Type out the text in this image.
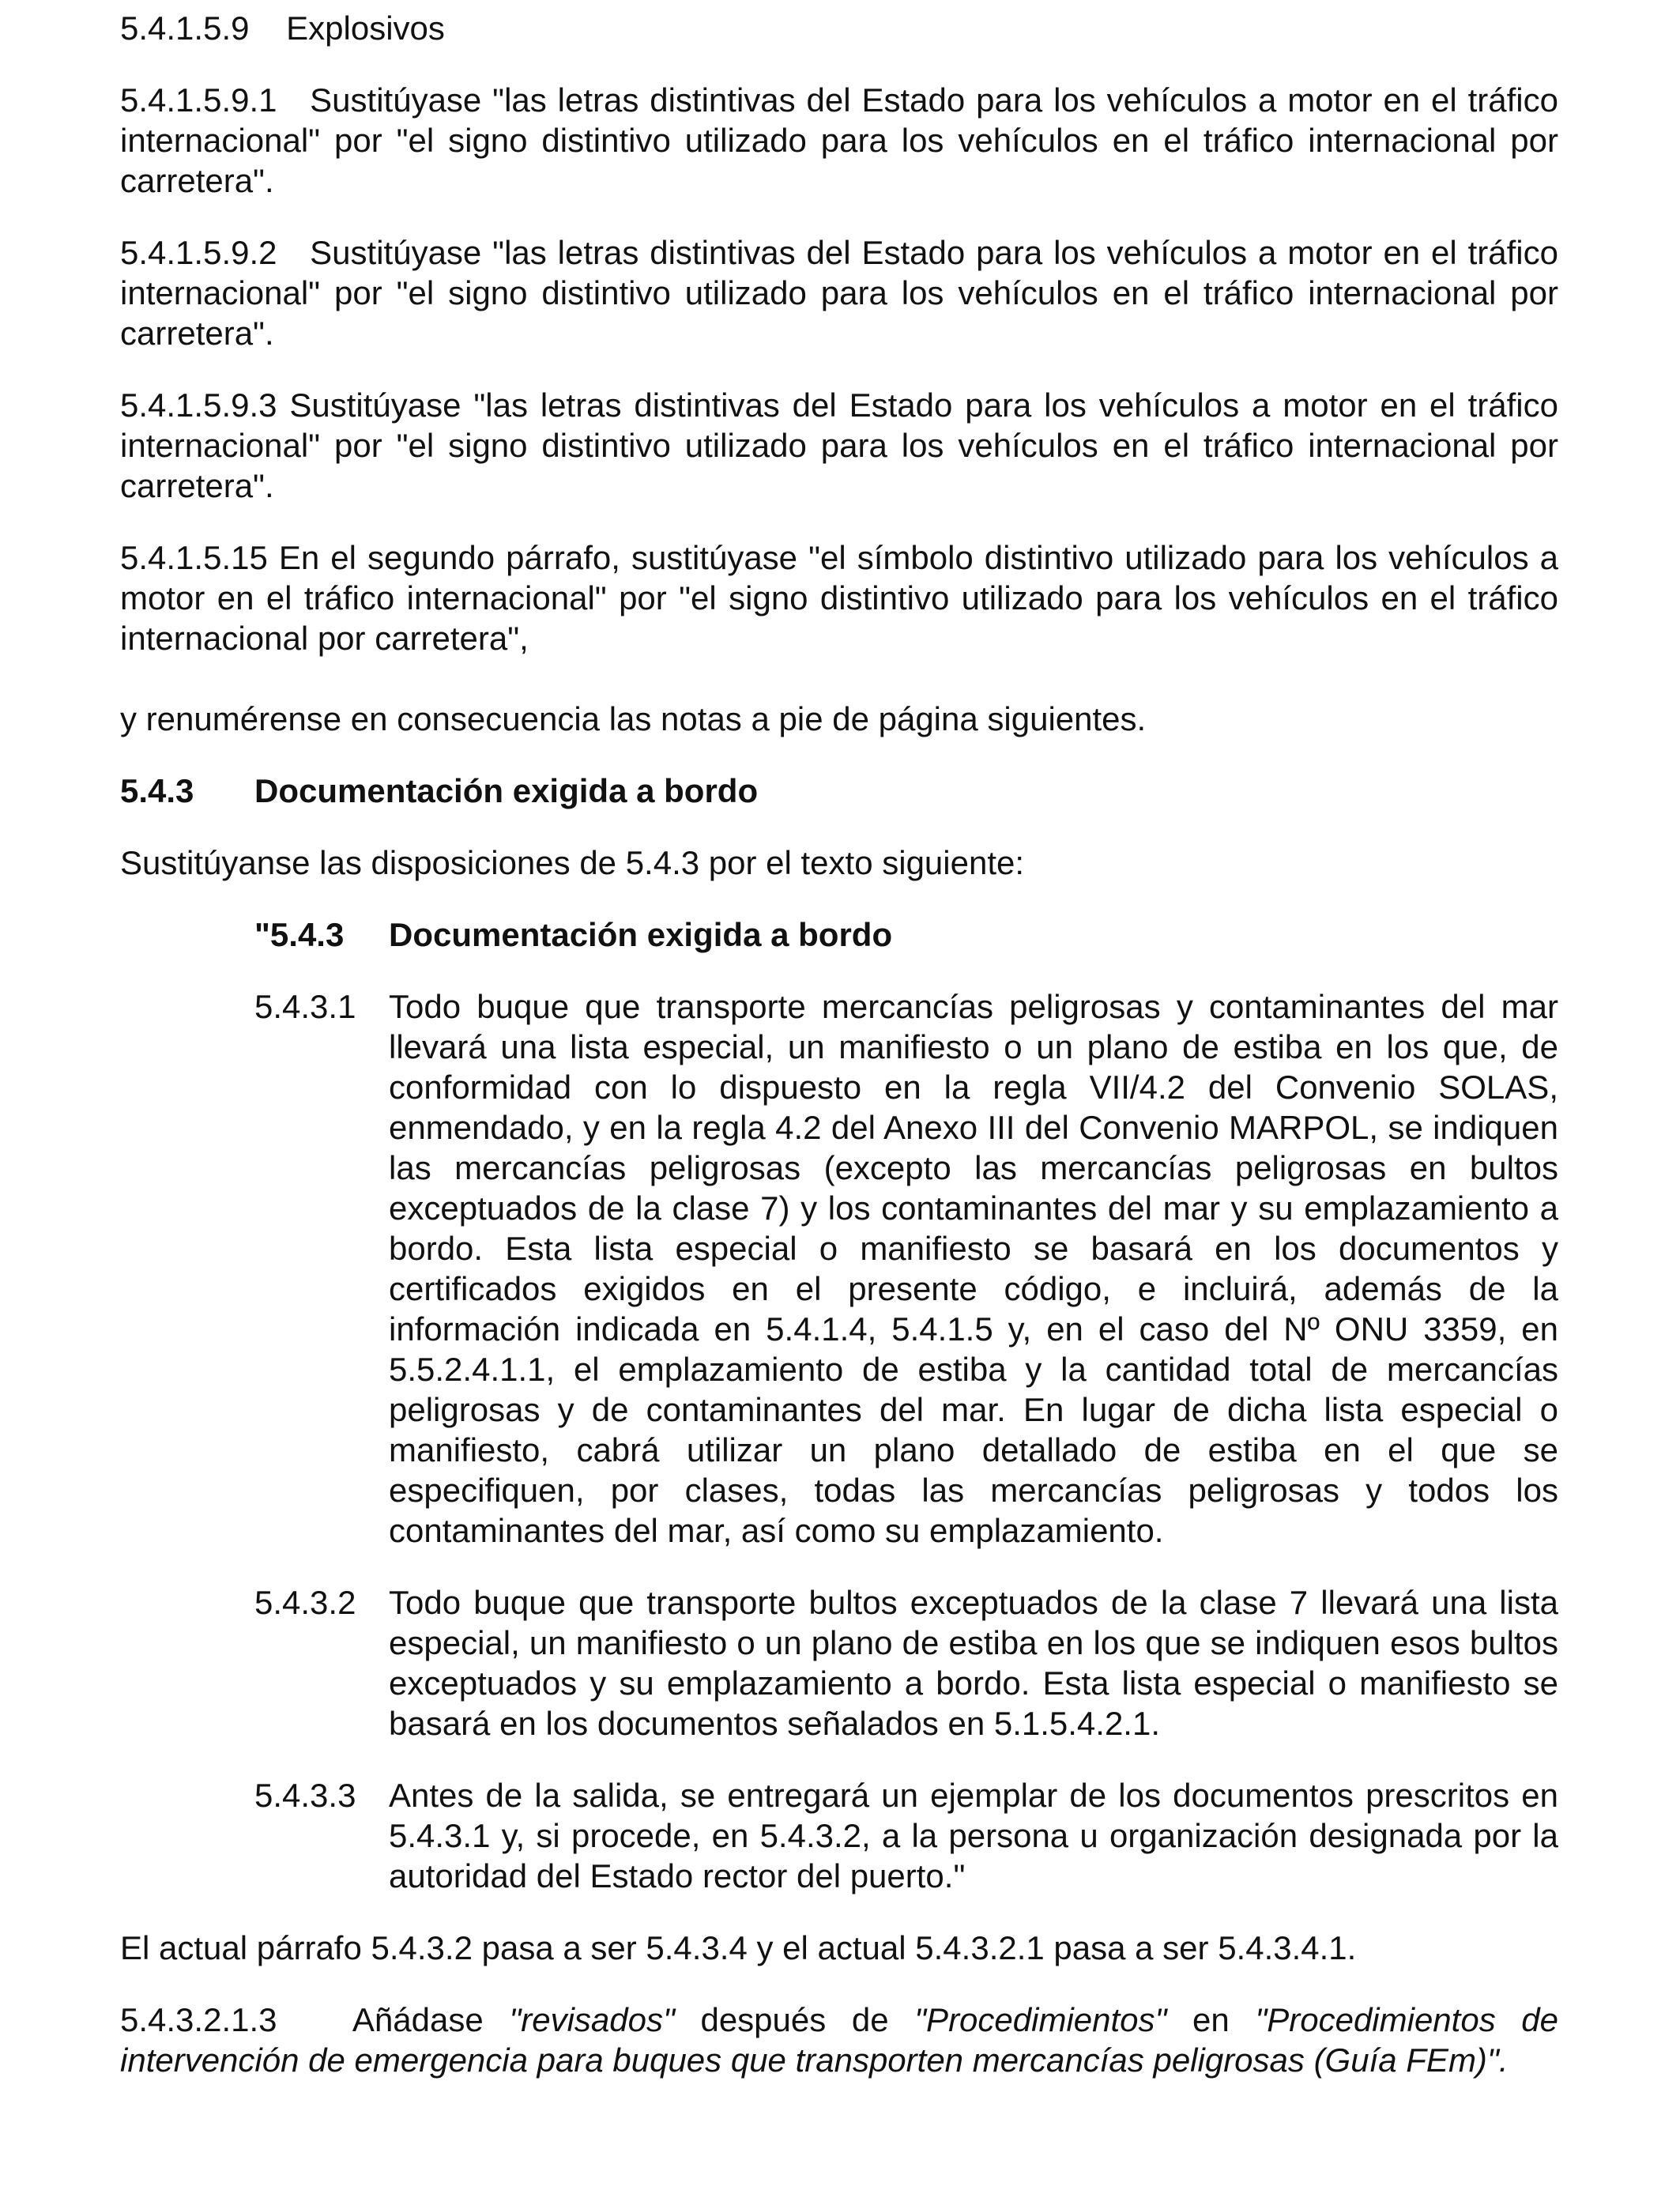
5.4.1.5.9 Explosivos

5.4.1.5.9.1 Sustitúyase "las letras distintivas del Estado para los vehículos a motor en el tráfico internacional" por "el signo distintivo utilizado para los vehículos en el tráfico internacional por carretera".

5.4.1.5.9.2 Sustitúyase "las letras distintivas del Estado para los vehículos a motor en el tráfico internacional" por "el signo distintivo utilizado para los vehículos en el tráfico internacional por carretera".

5.4.1.5.9.3 Sustitúyase "las letras distintivas del Estado para los vehículos a motor en el tráfico internacional" por "el signo distintivo utilizado para los vehículos en el tráfico internacional por carretera".

5.4.1.5.15 En el segundo párrafo, sustitúyase "el símbolo distintivo utilizado para los vehículos a motor en el tráfico internacional" por "el signo distintivo utilizado para los vehículos en el tráfico internacional por carretera",

y renumérense en consecuencia las notas a pie de página siguientes.

5.4.3	Documentación exigida a bordo

Sustitúyanse las disposiciones de 5.4.3 por el texto siguiente:

"5.4.3	Documentación exigida a bordo
5.4.3.1 Todo buque que transporte mercancías peligrosas y contaminantes del mar llevará una lista especial, un manifiesto o un plano de estiba en los que, de conformidad con lo dispuesto en la regla VII/4.2 del Convenio SOLAS, enmendado, y en la regla 4.2 del Anexo III del Convenio MARPOL, se indiquen las mercancías peligrosas (excepto las mercancías peligrosas en bultos exceptuados de la clase 7) y los contaminantes del mar y su emplazamiento a bordo. Esta lista especial o manifiesto se basará en los documentos y certificados exigidos en el presente código, e incluirá, además de la información indicada en 5.4.1.4, 5.4.1.5 y, en el caso del Nº ONU 3359, en 5.5.2.4.1.1, el emplazamiento de estiba y la cantidad total de mercancías peligrosas y de contaminantes del mar. En lugar de dicha lista especial o manifiesto, cabrá utilizar un plano detallado de estiba en el que se especifiquen, por clases, todas las mercancías peligrosas y todos los contaminantes del mar, así como su emplazamiento.
5.4.3.2 Todo buque que transporte bultos exceptuados de la clase 7 llevará una lista especial, un manifiesto o un plano de estiba en los que se indiquen esos bultos exceptuados y su emplazamiento a bordo. Esta lista especial o manifiesto se basará en los documentos señalados en 5.1.5.4.2.1.
5.4.3.3 Antes de la salida, se entregará un ejemplar de los documentos prescritos en 5.4.3.1 y, si procede, en 5.4.3.2, a la persona u organización designada por la autoridad del Estado rector del puerto."

El actual párrafo 5.4.3.2 pasa a ser 5.4.3.4 y el actual 5.4.3.2.1 pasa a ser 5.4.3.4.1.

5.4.3.2.1.3 Añádase "revisados" después de "Procedimientos" en "Procedimientos de intervención de emergencia para buques que transporten mercancías peligrosas (Guía FEm)".
